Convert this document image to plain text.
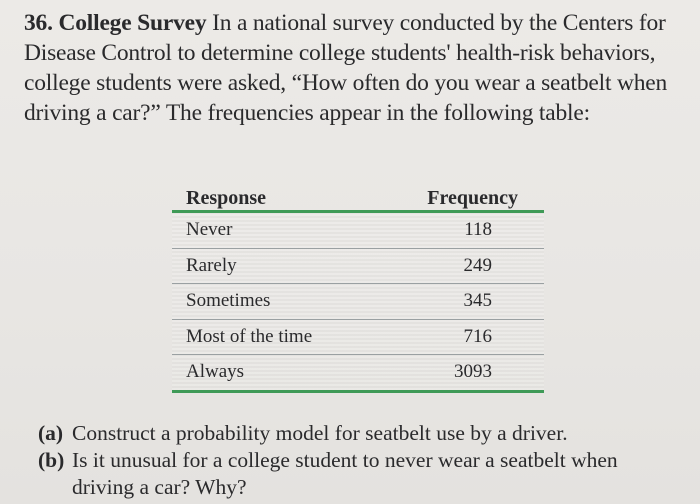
36. College Survey In a national survey conducted by the Centers for Disease Control to determine college students' health-risk behaviors, college students were asked, “How often do you wear a seatbelt when driving a car?” The frequencies appear in the following table:
Response	Frequency
Never	118
Rarely	249
Sometimes	345
Most of the time	716
Always	3093
(a) Construct a probability model for seatbelt use by a driver.
(b) Is it unusual for a college student to never wear a seatbelt when driving a car? Why?
